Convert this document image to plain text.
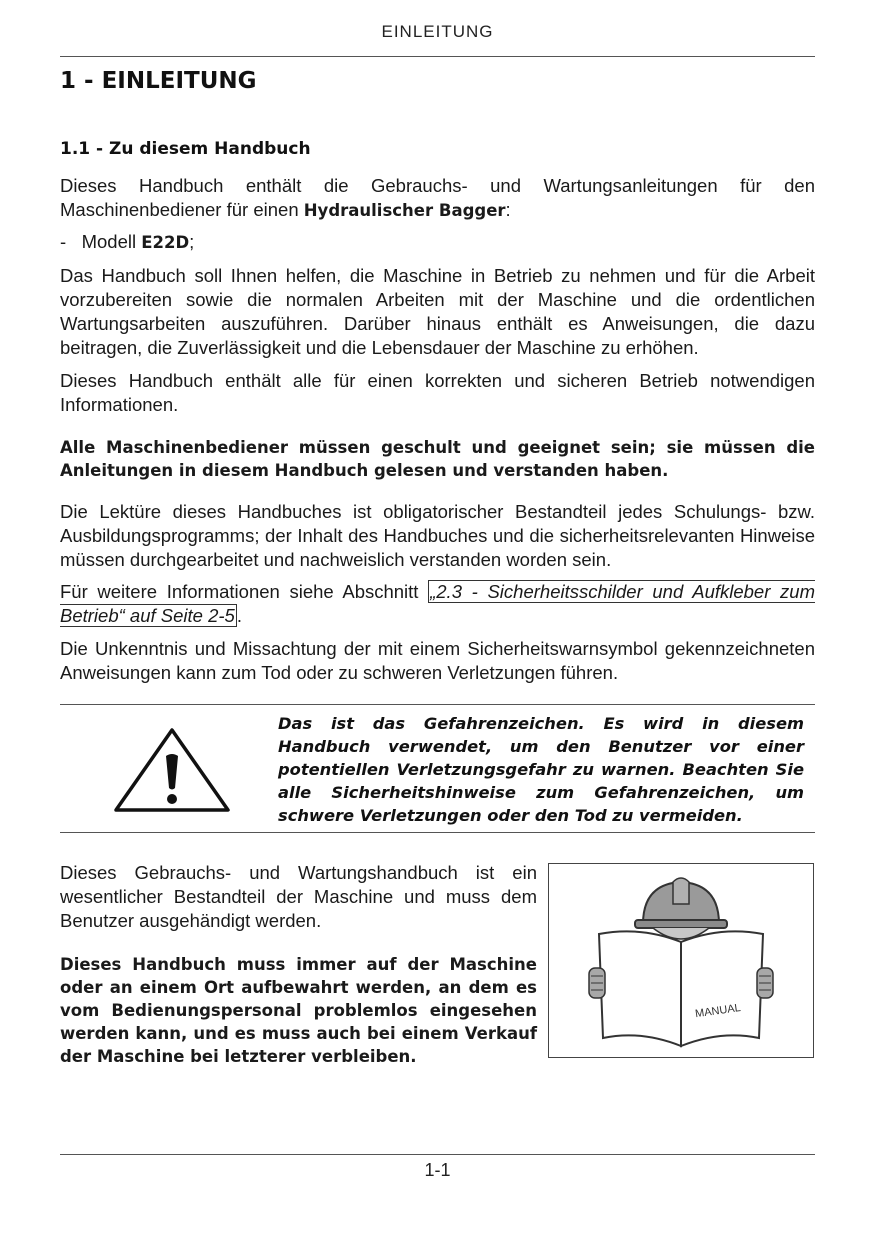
EINLEITUNG
1 - EINLEITUNG
1.1 - Zu diesem Handbuch
Dieses Handbuch enthält die Gebrauchs- und Wartungsanleitungen für den Maschinenbediener für einen Hydraulischer Bagger:
- Modell E22D;
Das Handbuch soll Ihnen helfen, die Maschine in Betrieb zu nehmen und für die Arbeit vorzubereiten sowie die normalen Arbeiten mit der Maschine und die ordentlichen Wartungsarbeiten auszuführen. Darüber hinaus enthält es Anweisungen, die dazu beitragen, die Zuverlässigkeit und die Lebensdauer der Maschine zu erhöhen.
Dieses Handbuch enthält alle für einen korrekten und sicheren Betrieb notwendigen Informationen.
Alle Maschinenbediener müssen geschult und geeignet sein; sie müssen die Anleitungen in diesem Handbuch gelesen und verstanden haben.
Die Lektüre dieses Handbuches ist obligatorischer Bestandteil jedes Schulungs- bzw. Ausbildungsprogramms; der Inhalt des Handbuches und die sicherheitsrelevanten Hinweise müssen durchgearbeitet und nachweislich verstanden worden sein.
Für weitere Informationen siehe Abschnitt „2.3 - Sicherheitsschilder und Aufkleber zum Betrieb“ auf Seite 2-5 .
Die Unkenntnis und Missachtung der mit einem Sicherheitswarnsymbol gekennzeichneten Anweisungen kann zum Tod oder zu schweren Verletzungen führen.
Das ist das Gefahrenzeichen. Es wird in diesem Handbuch verwendet, um den Benutzer vor einer potentiellen Verletzungsgefahr zu warnen. Beachten Sie alle Sicherheitshinweise zum Gefahrenzeichen, um schwere Verletzungen oder den Tod zu vermeiden.
Dieses Gebrauchs- und Wartungshandbuch ist ein wesentlicher Bestandteil der Maschine und muss dem Benutzer ausgehändigt werden.
Dieses Handbuch muss immer auf der Maschine oder an einem Ort aufbewahrt werden, an dem es vom Bedienungspersonal problemlos eingesehen werden kann, und es muss auch bei einem Verkauf der Maschine bei letzterer verbleiben.
MANUAL
1-1
